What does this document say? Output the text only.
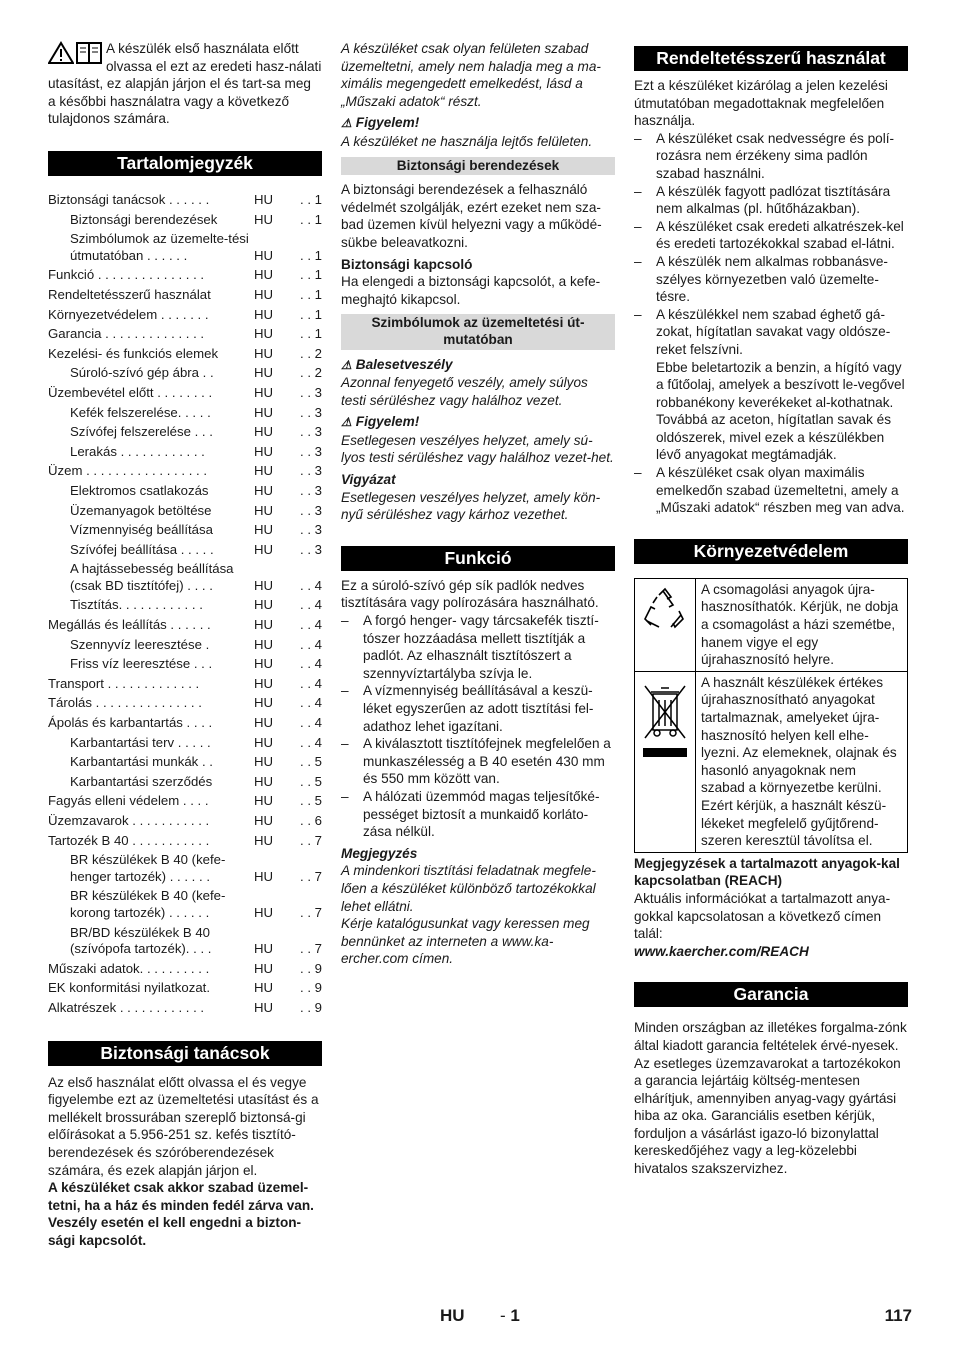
A készülék első használata előtt olvassa el ezt az eredeti hasz-nálati utasítást, ez alapján járjon el és tart-sa meg a későbbi használatra vagy a következő tulajdonos számára.

Tartalomjegyzék
Biztonsági tanácsok . . . . . .	HU	. . 1
Biztonsági berendezések	HU	. . 1
Szimbólumok az üzemelte-tési útmutatóban . . . . . .	HU	. . 1
Funkció . . . . . . . . . . . . . . .	HU	. . 1
Rendeltetésszerű használat	HU	. . 1
Környezetvédelem . . . . . . .	HU	. . 1
Garancia . . . . . . . . . . . . . .	HU	. . 1
Kezelési- és funkciós elemek	HU	. . 2
Súroló-szívó gép ábra . .	HU	. . 2
Üzembevétel előtt . . . . . . . .	HU	. . 3
Kefék felszerelése. . . . .	HU	. . 3
Szívófej felszerelése . . .	HU	. . 3
Lerakás . . . . . . . . . . . .	HU	. . 3
Üzem . . . . . . . . . . . . . . . . .	HU	. . 3
Elektromos csatlakozás	HU	. . 3
Üzemanyagok betöltése	HU	. . 3
Vízmennyiség beállítása	HU	. . 3
Szívófej beállítása . . . . .	HU	. . 3
A hajtássebesség beállítása (csak BD tisztítófej) . . . .	HU	. . 4
Tisztítás. . . . . . . . . . . .	HU	. . 4
Megállás és leállítás . . . . . .	HU	. . 4
Szennyvíz leeresztése .	HU	. . 4
Friss víz leeresztése . . .	HU	. . 4
Transport . . . . . . . . . . . . .	HU	. . 4
Tárolás . . . . . . . . . . . . . . .	HU	. . 4
Ápolás és karbantartás . . . .	HU	. . 4
Karbantartási terv . . . . .	HU	. . 4
Karbantartási munkák . .	HU	. . 5
Karbantartási szerződés	HU	. . 5
Fagyás elleni védelem . . . .	HU	. . 5
Üzemzavarok . . . . . . . . . . .	HU	. . 6
Tartozék B 40 . . . . . . . . . . .	HU	. . 7
BR készülékek B 40 (kefe-henger tartozék) . . . . . .	HU	. . 7
BR készülékek B 40 (kefe-korong tartozék) . . . . . .	HU	. . 7
BR/BD készülékek B 40 (szívópofa tartozék). . . .	HU	. . 7
Műszaki adatok. . . . . . . . . .	HU	. . 9
EK konformitási nyilatkozat.	HU	. . 9
Alkatrészek . . . . . . . . . . . .	HU	. . 9
Biztonsági tanácsok

Az első használat előtt olvassa el és vegye figyelembe ezt az üzemeltetési utasítást és a mellékelt brossurában szereplő biztonsá-gi előírásokat a 5.956-251 sz. kefés tisztító-berendezések és szóróberendezések számára, és ezek alapján járjon el.

A készüléket csak akkor szabad üzemel-tetni, ha a ház és minden fedél zárva van.

Veszély esetén el kell engedni a bizton-sági kapcsolót.

A készüléket csak olyan felületen szabad üzemeltetni, amely nem haladja meg a ma-ximális megengedett emelkedést, lásd a „Műszaki adatok“ részt.

⚠ Figyelem!

A készüléket ne használja lejtős felületen.

Biztonsági berendezések

A biztonsági berendezések a felhasználó védelmét szolgálják, ezért ezeket nem sza-bad üzemen kívül helyezni vagy a működé-sükbe beleavatkozni.

Biztonsági kapcsoló

Ha elengedi a biztonsági kapcsolót, a kefe-meghajtó kikapcsol.

Szimbólumok az üzemeltetési út-mutatóban

⚠ Balesetveszély

Azonnal fenyegető veszély, amely súlyos testi sérüléshez vagy halálhoz vezet.

⚠ Figyelem!

Esetlegesen veszélyes helyzet, amely sú-lyos testi sérüléshez vagy halálhoz vezet-het.

Vigyázat

Esetlegesen veszélyes helyzet, amely kön-nyű sérüléshez vagy kárhoz vezethet.

Funkció

Ez a súroló-szívó gép sík padlók nedves tisztítására vagy polírozására használható.

–	A forgó henger- vagy tárcsakefék tisztí-tószer hozzáadása mellett tisztítják a padlót. Az elhasznált tisztítószert a szennyvíztartályba szívja le.
–	A vízmennyiség beállításával a keszü-léket egyszerűen az adott tisztítási fel-adathoz lehet igazítani.
–	A kiválasztott tisztítófejnek megfelelően a munkaszélesség a B 40 esetén 430 mm és 550 mm között van.
–	A hálózati üzemmód magas teljesítőké-pességet biztosít a munkaidő korláto-zása nélkül.

Megjegyzés

A mindenkori tisztítási feladatnak megfele-lően a készüléket különböző tartozékokkal lehet ellátni.

Kérje katalógusunkat vagy keressen meg bennünket az interneten a www.ka-ercher.com címen.

Rendeltetésszerű használat

Ezt a készüléket kizárólag a jelen kezelési útmutatóban megadottaknak megfelelően használja.

–	A készüléket csak nedvességre és polí-rozásra nem érzékeny sima padlón szabad használni.
–	A készülék fagyott padlózat tisztítására nem alkalmas (pl. hűtőházakban).
–	A készüléket csak eredeti alkatrészek-kel és eredeti tartozékokkal szabad el-látni.
–	A készülék nem alkalmas robbanásve-szélyes környezetben való üzemelte-tésre.
–	A készülékkel nem szabad éghető gá-zokat, hígítatlan savakat vagy oldósze-reket felszívni.

Ebbe beletartozik a benzin, a hígító vagy a fűtőolaj, amelyek a beszívott le-vegővel robbanékony keverékeket al-kothatnak. Továbbá az aceton, hígítatlan savak és oldószerek, mivel ezek a készülékben lévő anyagokat megtámadják.

–	A készüléket csak olyan maximális emelkedőn szabad üzemeltetni, amely a „Műszaki adatok“ részben meg van adva.
Környezetvédelem
	A csomagolási anyagok újra-hasznosíthatók. Kérjük, ne dobja a csomagolást a házi szemétbe, hanem vigye el egy újrahasznosító helyre.
	A használt készülékek értékes újrahasznosítható anyagokat tartalmaznak, amelyeket újra-hasznosító helyen kell elhe-lyezni. Az elemeknek, olajnak és hasonló anyagoknak nem szabad a környezetbe kerülni. Ezért kérjük, a használt készü-lékeket megfelelő gyűjtőrend-szeren keresztül távolítsa el.

Megjegyzések a tartalmazott anyagok-kal kapcsolatban (REACH)

Aktuális információkat a tartalmazott anya-gokkal kapcsolatosan a következő címen talál:

www.kaercher.com/REACH

Garancia

Minden országban az illetékes forgalma-zónk által kiadott garancia feltételek érvé-nyesek. Az esetleges üzemzavarokat a tartozékokon a garancia lejártáig költség-mentesen elhárítjuk, amennyiben anyag-vagy gyártási hiba az oka. Garanciális esetben kérjük, forduljon a vásárlást igazo-ló bizonylattal kereskedőjéhez vagy a leg-közelebbi hivatalos szakszervizhez.

HU - 1	117
